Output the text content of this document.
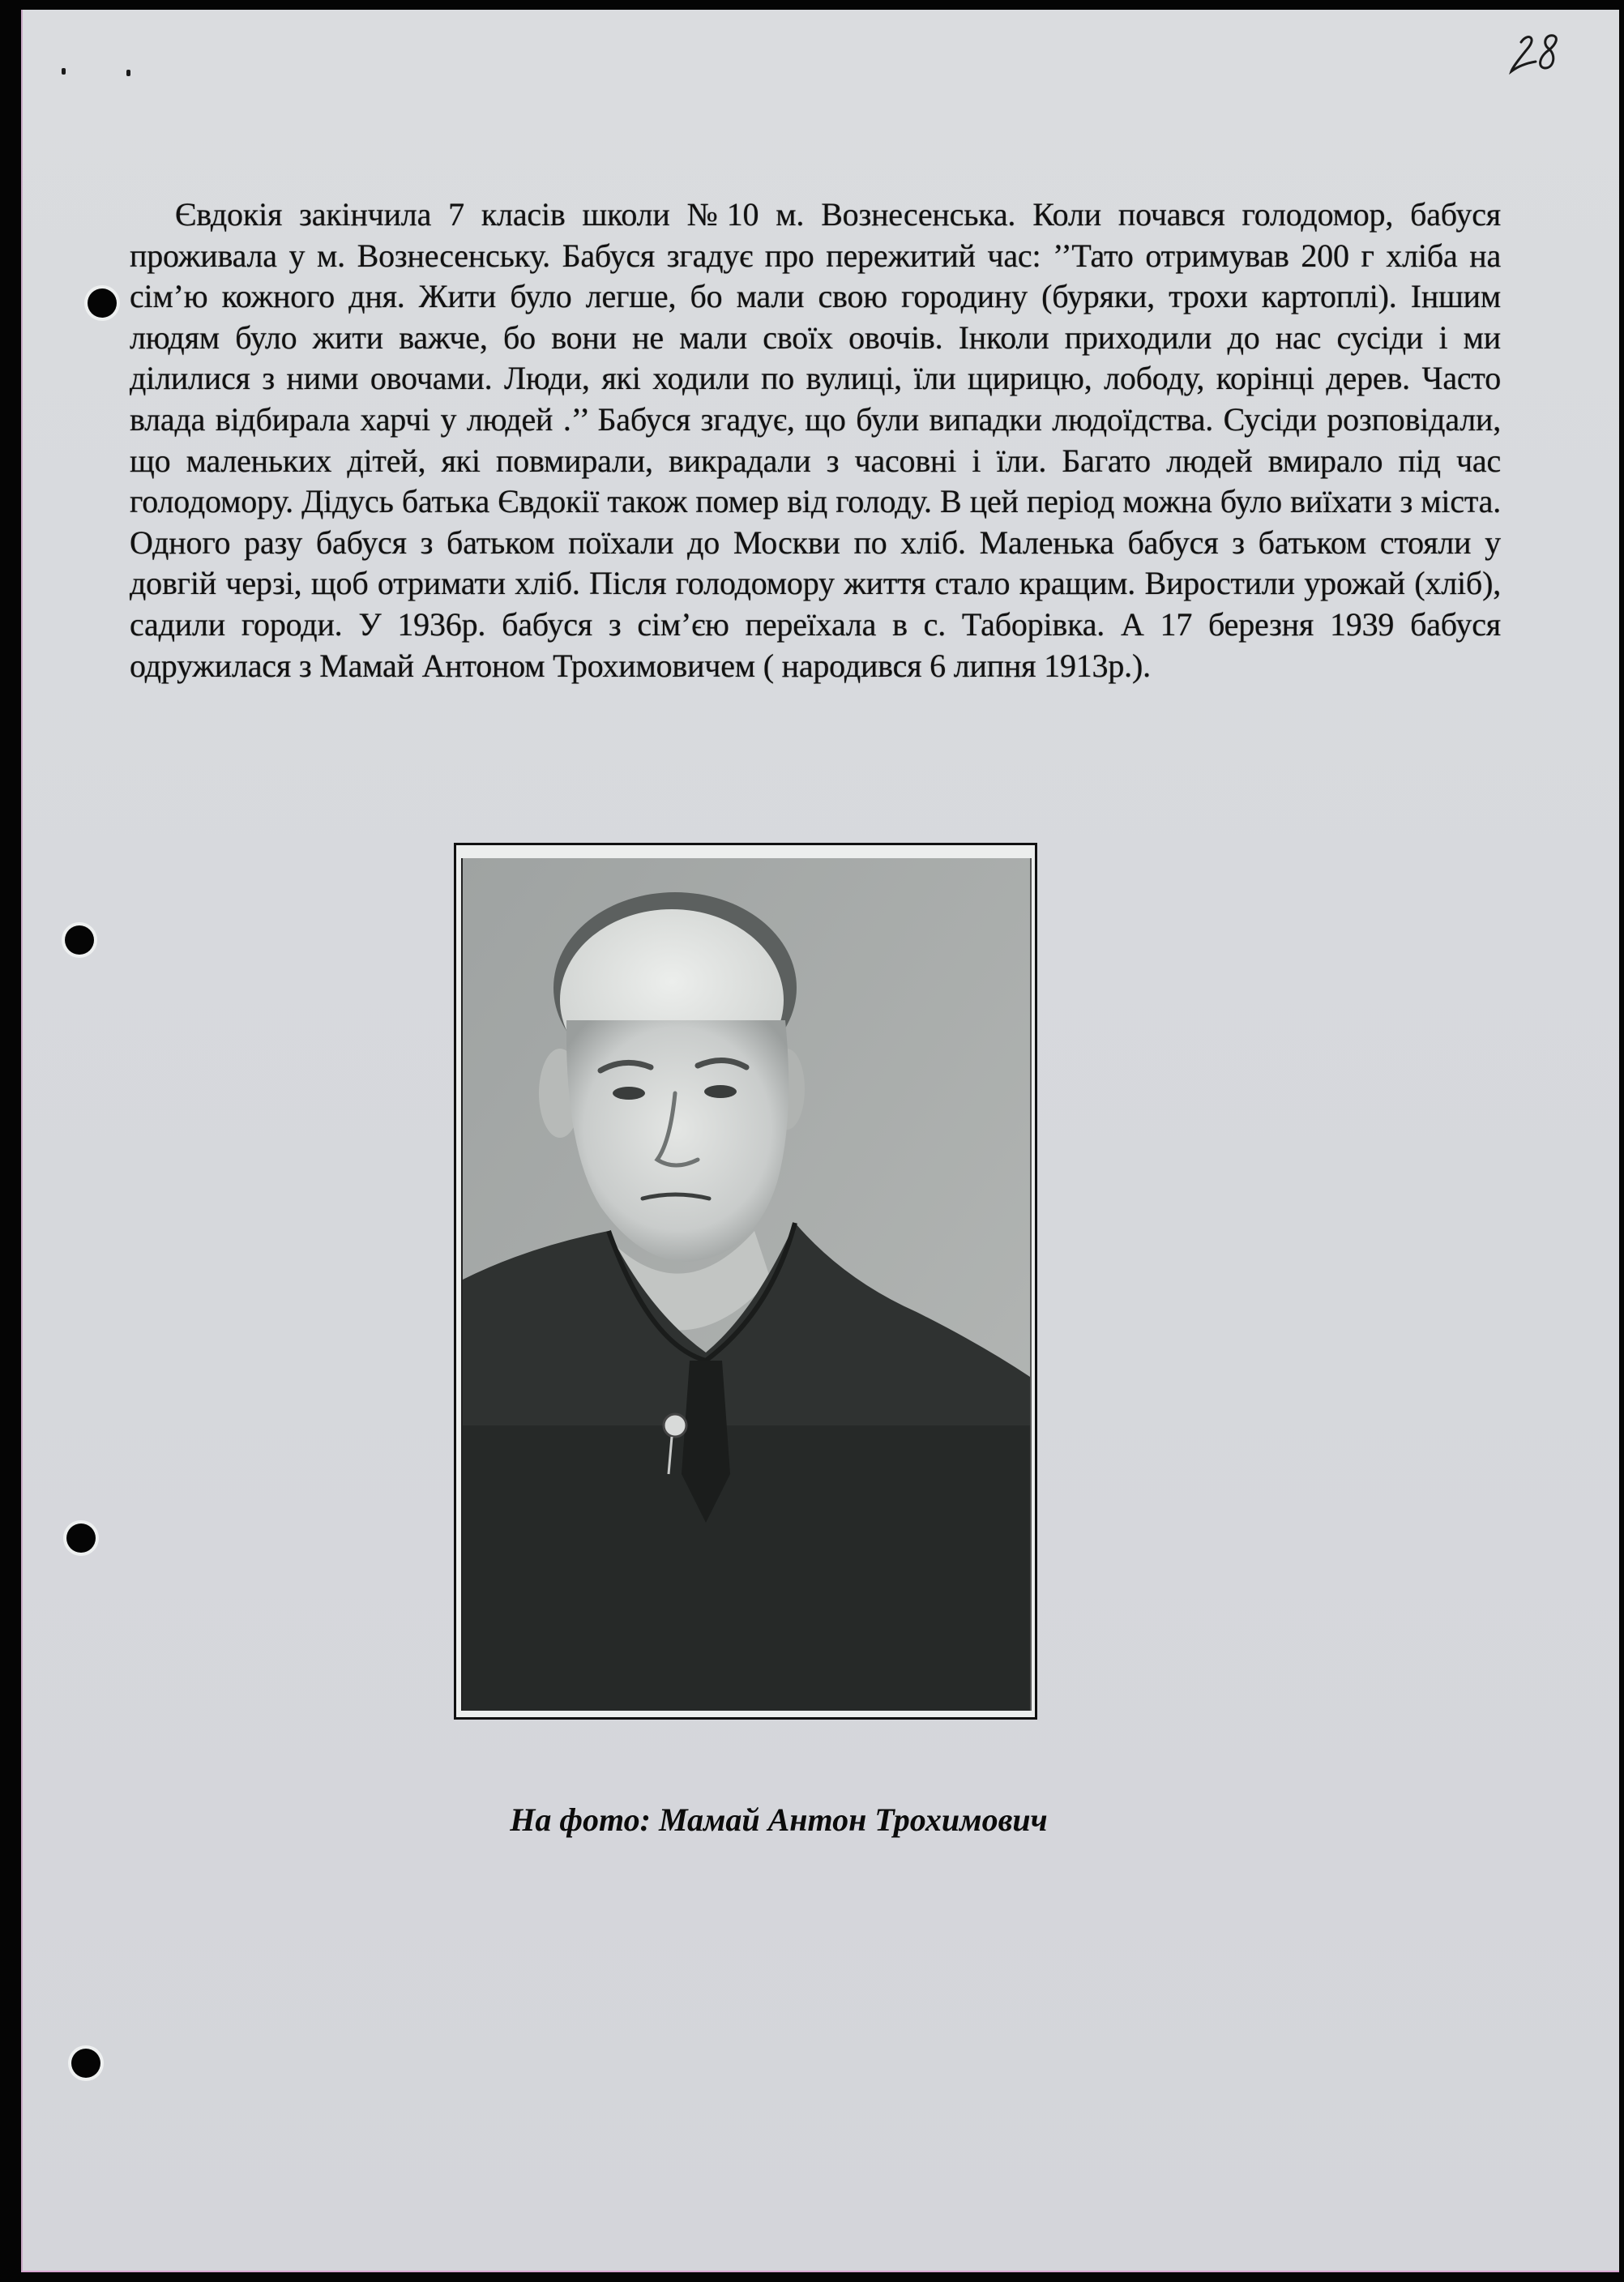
Євдокія закінчила 7 класів школи №10 м. Вознесенська. Коли почався голодомор, бабуся проживала у м. Вознесенську. Бабуся згадує про пережитий час: ’’Тато отримував 200 г хліба на сім’ю кожного дня. Жити було легше, бо мали свою городину (буряки, трохи картоплі). Іншим людям було жити важче, бо вони не мали своїх овочів. Інколи приходили до нас сусіди і ми ділилися з ними овочами. Люди, які ходили по вулиці, їли щирицю, лободу, корінці дерев. Часто влада відбирала харчі у людей .’’ Бабуся згадує, що були випадки людоїдства. Сусіди розповідали, що маленьких дітей, які повмирали, викрадали з часовні і їли. Багато людей вмирало під час голодомору. Дідусь батька Євдокії також помер від голоду. В цей період можна було виїхати з міста. Одного разу бабуся з батьком поїхали до Москви по хліб. Маленька бабуся з батьком стояли у довгій черзі, щоб отримати хліб. Після голодомору життя стало кращим. Виростили урожай (хліб), садили городи. У 1936р. бабуся з сім’єю переїхала в с. Таборівка. А 17 березня 1939 бабуся одружилася з Мамай Антоном Трохимовичем ( народився 6 липня 1913р.).

На фото: Мамай Антон Трохимович
